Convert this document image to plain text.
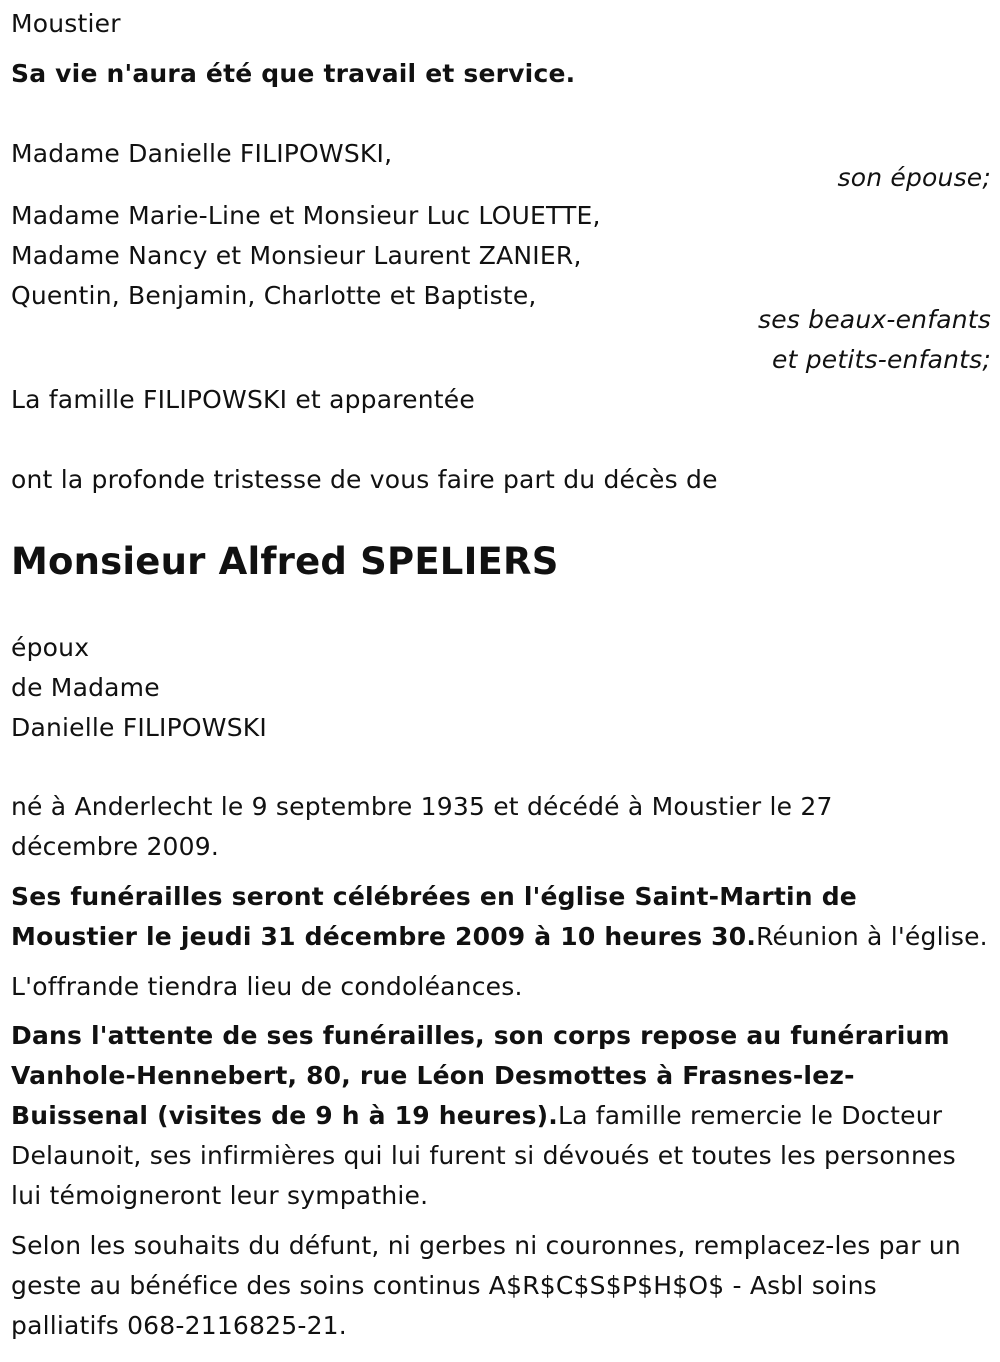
Moustier
Sa vie n'aura été que travail et service.
Madame Danielle FILIPOWSKI,
son épouse;
Madame Marie-Line et Monsieur Luc LOUETTE,
Madame Nancy et Monsieur Laurent ZANIER,
Quentin, Benjamin, Charlotte et Baptiste,
ses beaux-enfants
et petits-enfants;
La famille FILIPOWSKI et apparentée
ont la profonde tristesse de vous faire part du décès de
Monsieur Alfred SPELIERS
époux
de Madame
Danielle FILIPOWSKI
né à Anderlecht le 9 septembre 1935 et décédé à Moustier le 27 décembre 2009.
Ses funérailles seront célébrées en l'église Saint-Martin de Moustier le jeudi 31 décembre 2009 à 10 heures 30.Réunion à l'église.
L'offrande tiendra lieu de condoléances.
Dans l'attente de ses funérailles, son corps repose au funérarium Vanhole-Hennebert, 80, rue Léon Desmottes à Frasnes-lez-Buissenal (visites de 9 h à 19 heures).La famille remercie le Docteur Delaunoit, ses infirmières qui lui furent si dévoués et toutes les personnes lui témoigneront leur sympathie.
Selon les souhaits du défunt, ni gerbes ni couronnes, remplacez-les par un geste au bénéfice des soins continus A$R$C$S$P$H$O$ - Asbl soins palliatifs 068-2116825-21.
